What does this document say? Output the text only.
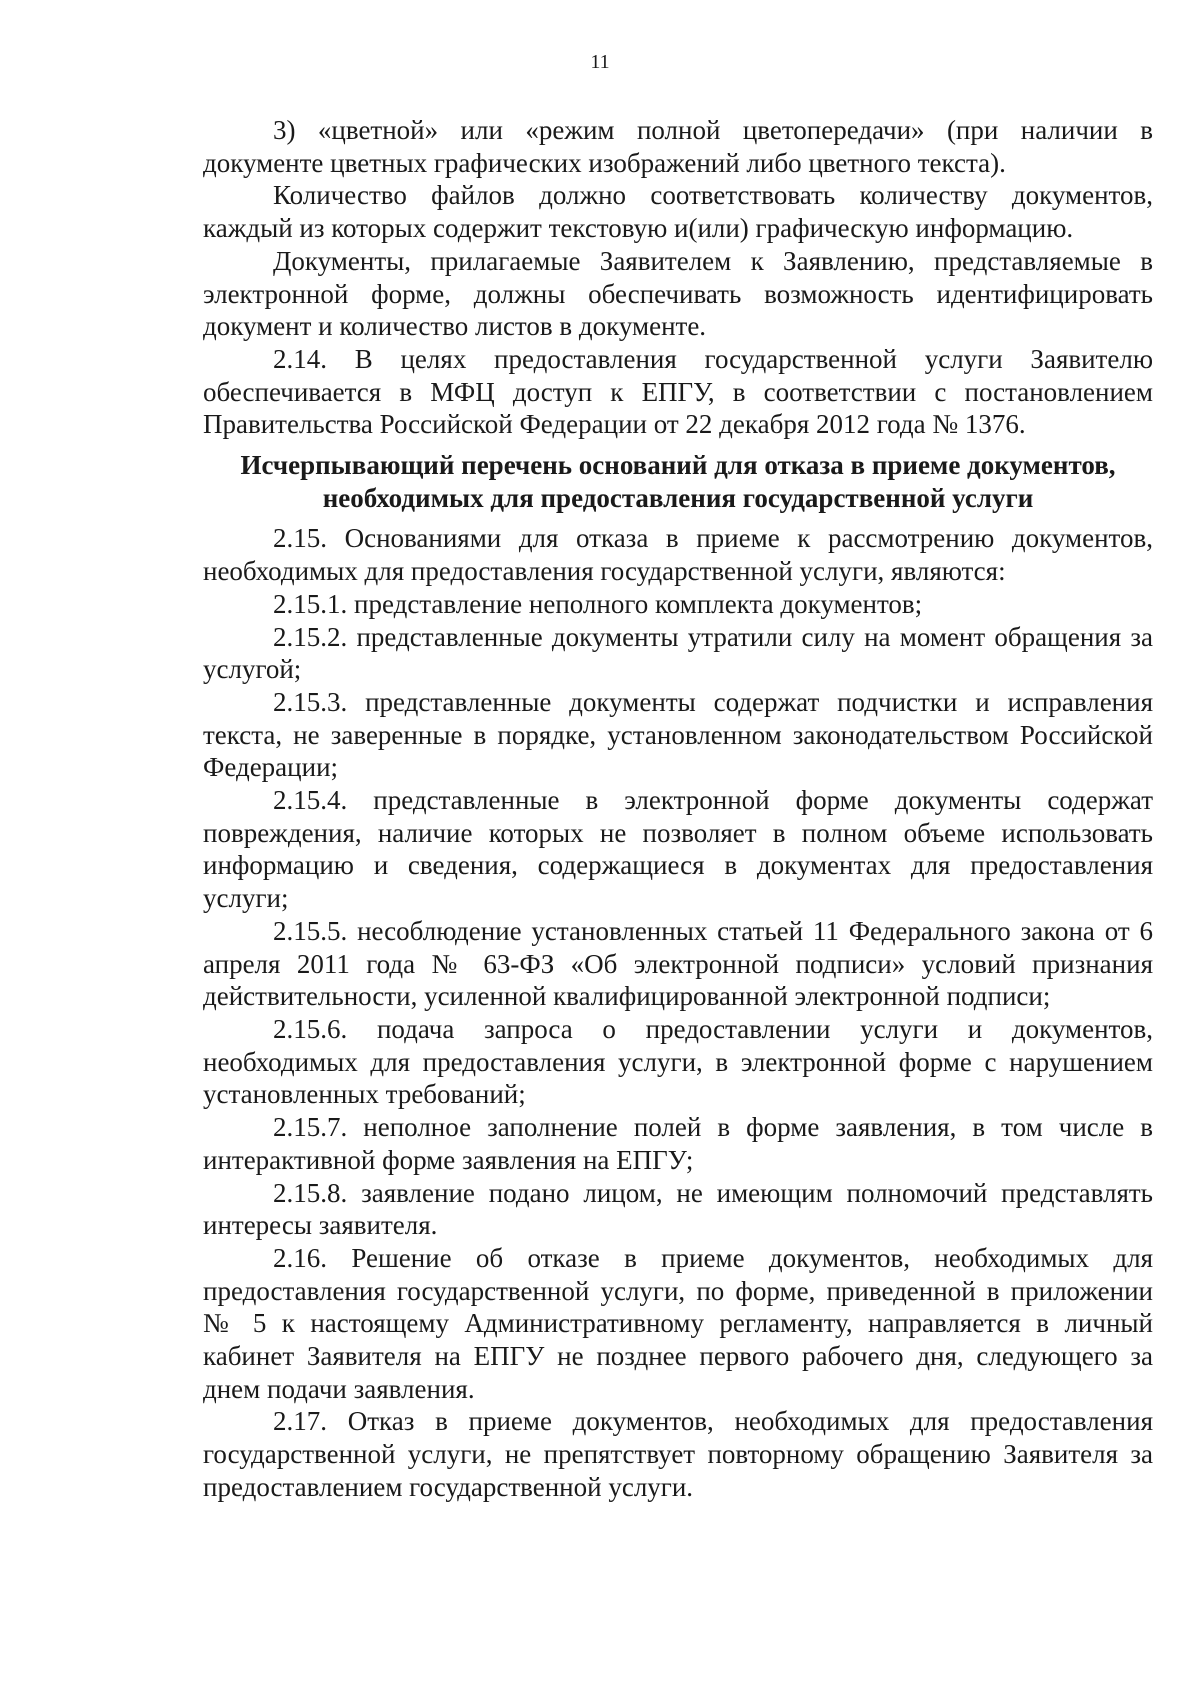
11

3) «цветной» или «режим полной цветопередачи» (при наличии в документе цветных графических изображений либо цветного текста).

Количество файлов должно соответствовать количеству документов, каждый из которых содержит текстовую и(или) графическую информацию.

Документы, прилагаемые Заявителем к Заявлению, представляемые в электронной форме, должны обеспечивать возможность идентифицировать документ и количество листов в документе.

2.14. В целях предоставления государственной услуги Заявителю обеспечивается в МФЦ доступ к ЕПГУ, в соответствии с постановлением Правительства Российской Федерации от 22 декабря 2012 года № 1376.

Исчерпывающий перечень оснований для отказа в приеме документов,
необходимых для предоставления государственной услуги

2.15. Основаниями для отказа в приеме к рассмотрению документов, необходимых для предоставления государственной услуги, являются:

2.15.1. представление неполного комплекта документов;

2.15.2. представленные документы утратили силу на момент обращения за услугой;

2.15.3. представленные документы содержат подчистки и исправления текста, не заверенные в порядке, установленном законодательством Российской Федерации;

2.15.4. представленные в электронной форме документы содержат повреждения, наличие которых не позволяет в полном объеме использовать информацию и сведения, содержащиеся в документах для предоставления услуги;

2.15.5. несоблюдение установленных статьей 11 Федерального закона от 6 апреля 2011 года № 63-ФЗ «Об электронной подписи» условий признания действительности, усиленной квалифицированной электронной подписи;

2.15.6. подача запроса о предоставлении услуги и документов, необходимых для предоставления услуги, в электронной форме с нарушением установленных требований;

2.15.7. неполное заполнение полей в форме заявления, в том числе в интерактивной форме заявления на ЕПГУ;

2.15.8. заявление подано лицом, не имеющим полномочий представлять интересы заявителя.

2.16. Решение об отказе в приеме документов, необходимых для предоставления государственной услуги, по форме, приведенной в приложении № 5 к настоящему Административному регламенту, направляется в личный кабинет Заявителя на ЕПГУ не позднее первого рабочего дня, следующего за днем подачи заявления.

2.17. Отказ в приеме документов, необходимых для предоставления государственной услуги, не препятствует повторному обращению Заявителя за предоставлением государственной услуги.
